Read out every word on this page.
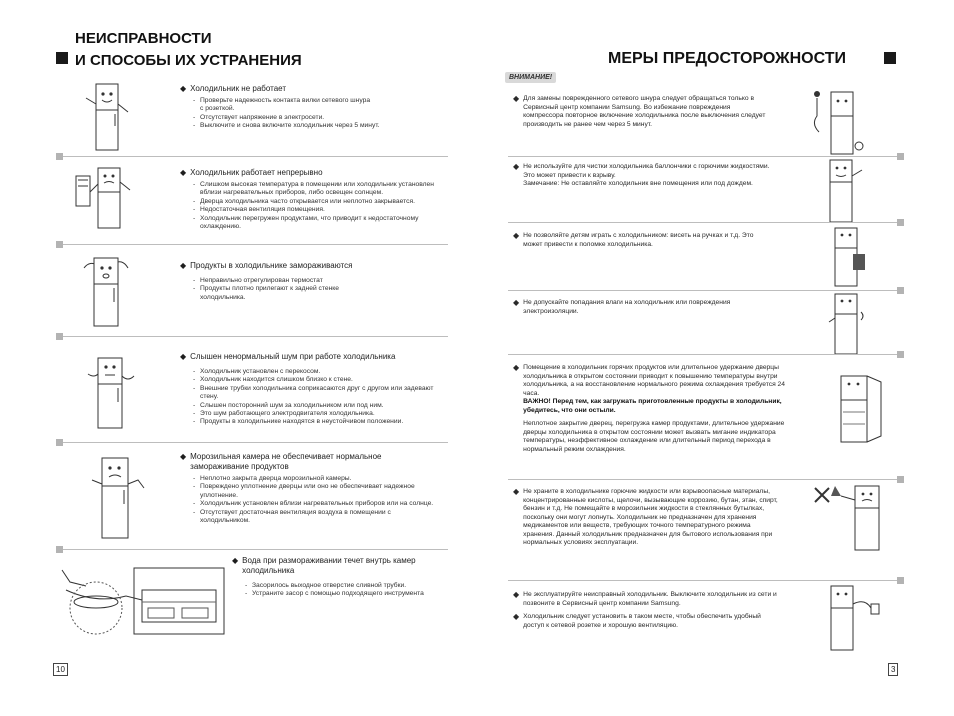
НЕИСПРАВНОСТИ
И СПОСОБЫ ИХ УСТРАНЕНИЯ
◆ Холодильник не работает
- Проверьте надежность контакта вилки сетевого шнура с розеткой.
- Отсутствует напряжение в электросети.
- Выключите и снова включите холодильник через 5 минут.
◆ Холодильник работает непрерывно
- Слишком высокая температура в помещении или холодильник установлен вблизи нагревательных приборов, либо освещен солнцем.
- Дверца холодильника часто открывается или неплотно закрывается.
- Недостаточная вентиляция помещения.
- Холодильник перегружен продуктами, что приводит к недостаточному охлаждению.
◆ Продукты в холодильнике замораживаются
- Неправильно отрегулирован термостат
- Продукты плотно прилегают к задней стенке холодильника.
◆ Слышен ненормальный шум при работе холодильника
- Холодильник установлен с перекосом.
- Холодильник находится слишком близко к стене.
- Внешние трубки холодильника соприкасаются друг с другом или задевают стену.
- Слышен посторонний шум за холодильником или под ним.
- Это шум работающего электродвигателя холодильника.
- Продукты в холодильнике находятся в неустойчивом положении.
◆ Морозильная камера не обеспечивает нормальное замораживание продуктов
- Неплотно закрыта дверца морозильной камеры.
- Повреждено уплотнение дверцы или оно не обеспечивает надежное уплотнение.
- Холодильник установлен вблизи нагревательных приборов или на солнце.
- Отсутствует достаточная вентиляция воздуха в помещении с холодильником.
◆ Вода при размораживании течет внутрь камер холодильника
- Засорилось выходное отверстие сливной трубки.
- Устраните засор с помощью подходящего инструмента
10
МЕРЫ ПРЕДОСТОРОЖНОСТИ
ВНИМАНИЕ!
◆ Для замены поврежденного сетевого шнура следует обращаться только в Сервисный центр компании Samsung. Во избежание повреждения компрессора повторное включение холодильника после выключения следует производить не ранее чем через 5 минут.
◆ Не используйте для чистки холодильника баллончики с горючими жидкостями. Это может привести к взрыву.
Замечание: Не оставляйте холодильник вне помещения или под дождем.
◆ Не позволяйте детям играть с холодильником: висеть на ручках и т.д. Это может привести к поломке холодильника.
◆ Не допускайте попадания влаги на холодильник или повреждения электроизоляции.
◆ Помещение в холодильник горячих продуктов или длительное удержание дверцы холодильника в открытом состоянии приводит к повышению температуры внутри холодильника, а на восстановление нормального режима охлаждения требуется 24 часа.
ВАЖНО! Перед тем, как загружать приготовленные продукты в холодильник, убедитесь, что они остыли.
Неплотное закрытие дверец, перегрузка камер продуктами, длительное удержание дверцы холодильника в открытом состоянии может вызвать мигание индикатора температуры, неэффективное охлаждение или длительный период перехода в нормальный режим охлаждения.
◆ Не храните в холодильнике горючие жидкости или взрывоопасные материалы, концентрированные кислоты, щелочи, вызывающие коррозию, бутан, этан, спирт, бензин и т.д. Не помещайте в морозильник жидкости в стеклянных бутылках, поскольку они могут лопнуть. Холодильник не предназначен для хранения медикаментов или веществ, требующих точного температурного режима хранения. Данный холодильник предназначен для бытового использования при нормальных условиях эксплуатации.
◆ Не эксплуатируйте неисправный холодильник. Выключите холодильник из сети и позвоните в Сервисный центр компании Samsung.
◆ Холодильник следует установить в таком месте, чтобы обеспечить удобный доступ к сетевой розетке и хорошую вентиляцию.
3
